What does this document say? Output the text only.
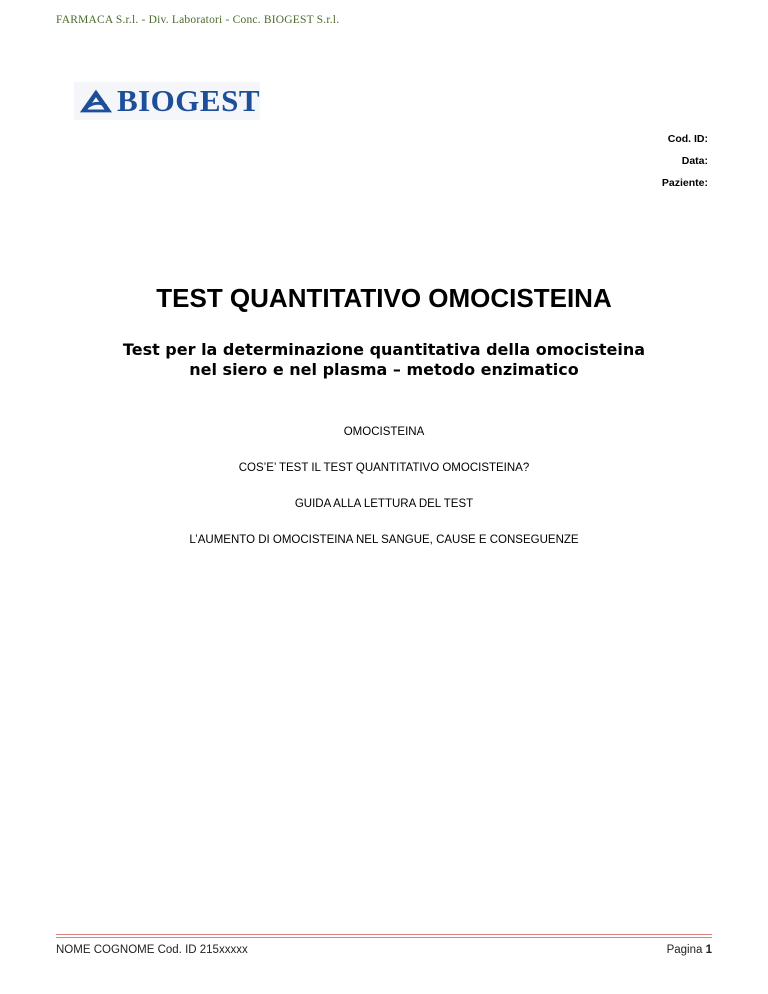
FARMACA S.r.l. - Div. Laboratori - Conc. BIOGEST S.r.l.
BIOGEST
Cod. ID:
Data:
Paziente:
TEST QUANTITATIVO OMOCISTEINA
Test per la determinazione quantitativa della omocisteina
nel siero e nel plasma – metodo enzimatico
OMOCISTEINA
COS’E’ TEST IL TEST QUANTITATIVO OMOCISTEINA?
GUIDA ALLA LETTURA DEL TEST
L’AUMENTO DI OMOCISTEINA NEL SANGUE, CAUSE E CONSEGUENZE
NOME COGNOME Cod. ID 215xxxxx	Pagina 1
